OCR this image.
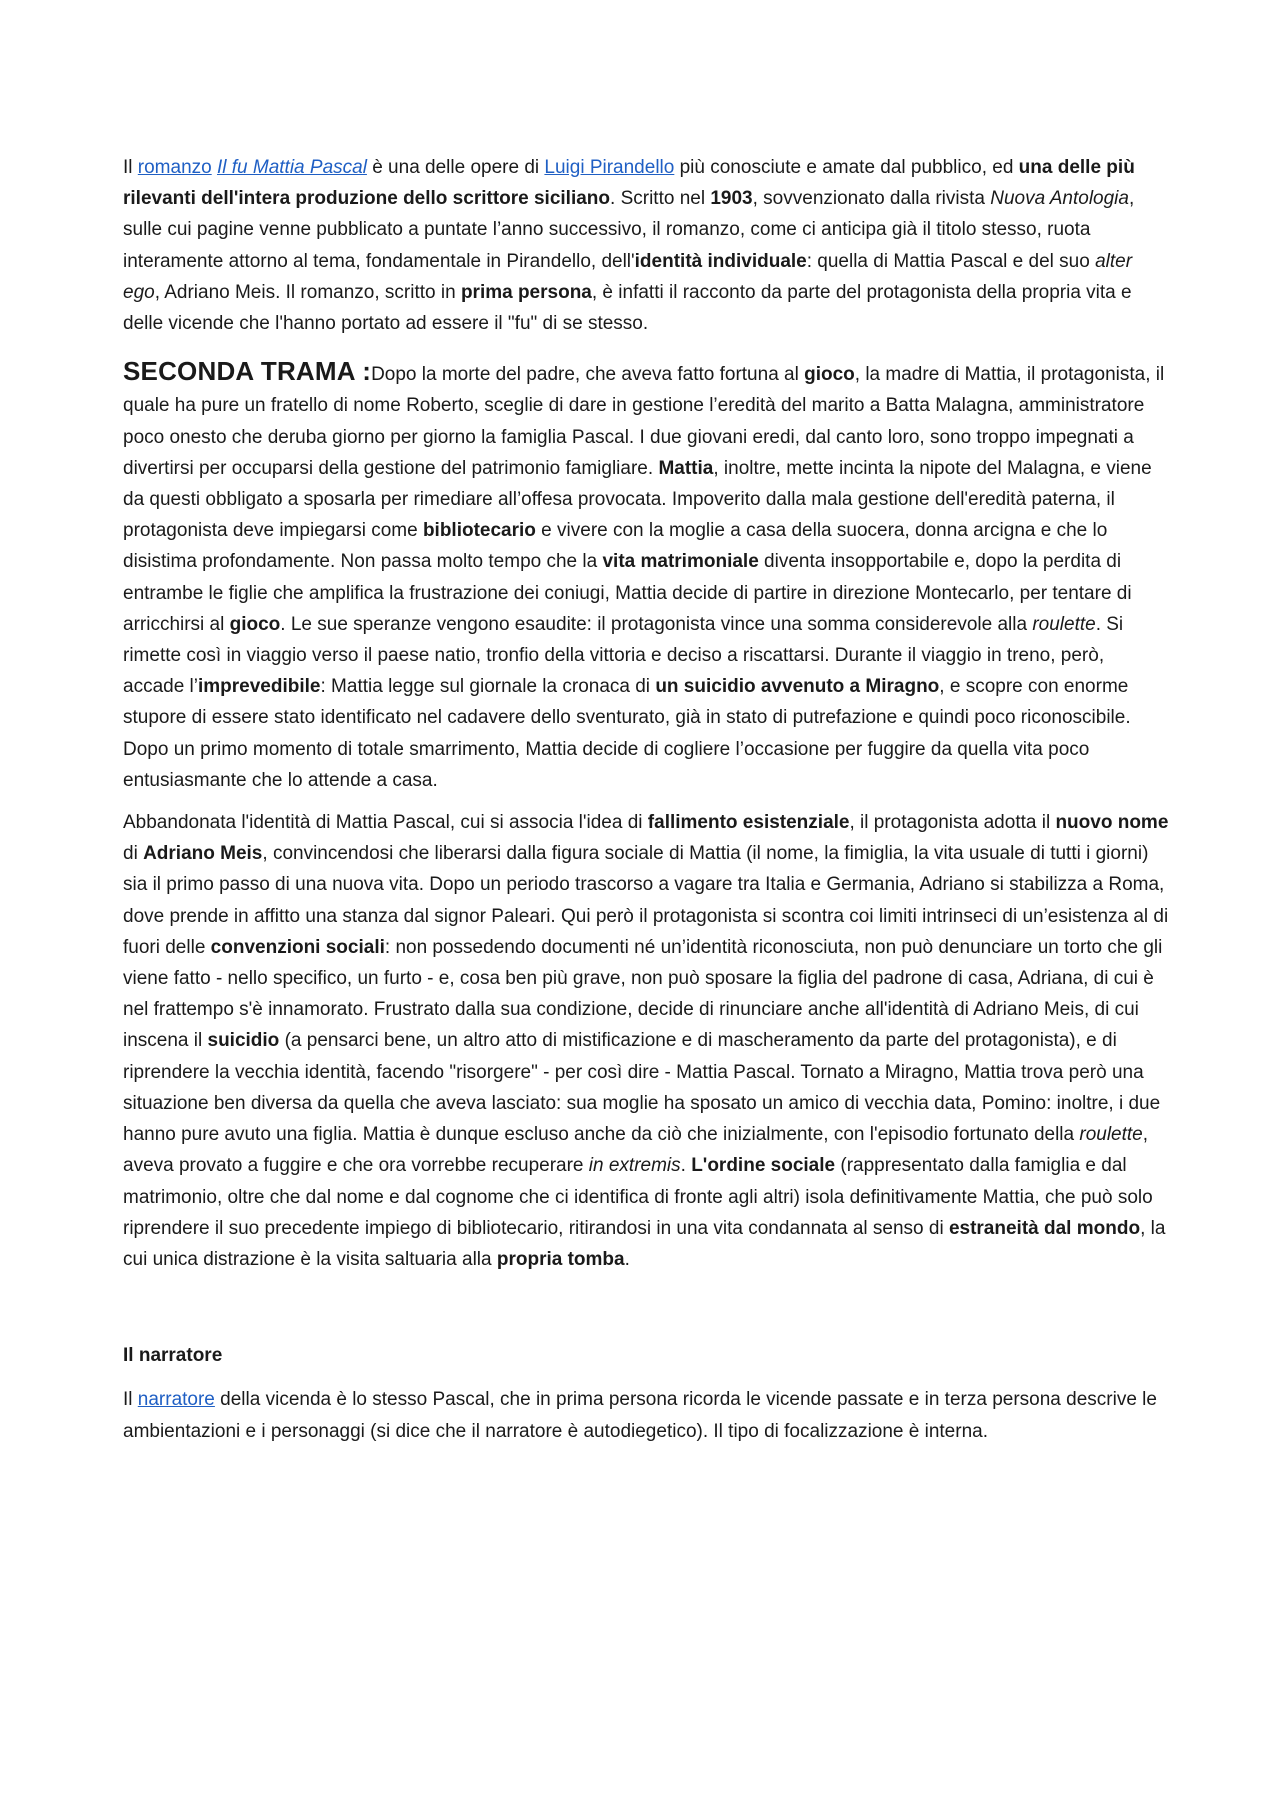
Il romanzo Il fu Mattia Pascal è una delle opere di Luigi Pirandello più conosciute e amate dal pubblico, ed una delle più rilevanti dell'intera produzione dello scrittore siciliano. Scritto nel 1903, sovvenzionato dalla rivista Nuova Antologia, sulle cui pagine venne pubblicato a puntate l’anno successivo, il romanzo, come ci anticipa già il titolo stesso, ruota interamente attorno al tema, fondamentale in Pirandello, dell'identità individuale: quella di Mattia Pascal e del suo alter ego, Adriano Meis. Il romanzo, scritto in prima persona, è infatti il racconto da parte del protagonista della propria vita e delle vicende che l'hanno portato ad essere il "fu" di se stesso.

SECONDA TRAMA :Dopo la morte del padre, che aveva fatto fortuna al gioco, la madre di Mattia, il protagonista, il quale ha pure un fratello di nome Roberto, sceglie di dare in gestione l’eredità del marito a Batta Malagna, amministratore poco onesto che deruba giorno per giorno la famiglia Pascal. I due giovani eredi, dal canto loro, sono troppo impegnati a divertirsi per occuparsi della gestione del patrimonio famigliare. Mattia, inoltre, mette incinta la nipote del Malagna, e viene da questi obbligato a sposarla per rimediare all’offesa provocata. Impoverito dalla mala gestione dell'eredità paterna, il protagonista deve impiegarsi come bibliotecario e vivere con la moglie a casa della suocera, donna arcigna e che lo disistima profondamente. Non passa molto tempo che la vita matrimoniale diventa insopportabile e, dopo la perdita di entrambe le figlie che amplifica la frustrazione dei coniugi, Mattia decide di partire in direzione Montecarlo, per tentare di arricchirsi al gioco. Le sue speranze vengono esaudite: il protagonista vince una somma considerevole alla roulette. Si rimette così in viaggio verso il paese natio, tronfio della vittoria e deciso a riscattarsi. Durante il viaggio in treno, però, accade l’imprevedibile: Mattia legge sul giornale la cronaca di un suicidio avvenuto a Miragno, e scopre con enorme stupore di essere stato identificato nel cadavere dello sventurato, già in stato di putrefazione e quindi poco riconoscibile. Dopo un primo momento di totale smarrimento, Mattia decide di cogliere l’occasione per fuggire da quella vita poco entusiasmante che lo attende a casa.

Abbandonata l'identità di Mattia Pascal, cui si associa l'idea di fallimento esistenziale, il protagonista adotta il nuovo nome di Adriano Meis, convincendosi che liberarsi dalla figura sociale di Mattia (il nome, la fimiglia, la vita usuale di tutti i giorni) sia il primo passo di una nuova vita. Dopo un periodo trascorso a vagare tra Italia e Germania, Adriano si stabilizza a Roma, dove prende in affitto una stanza dal signor Paleari. Qui però il protagonista si scontra coi limiti intrinseci di un’esistenza al di fuori delle convenzioni sociali: non possedendo documenti né un’identità riconosciuta, non può denunciare un torto che gli viene fatto - nello specifico, un furto - e, cosa ben più grave, non può sposare la figlia del padrone di casa, Adriana, di cui è nel frattempo s'è innamorato. Frustrato dalla sua condizione, decide di rinunciare anche all'identità di Adriano Meis, di cui inscena il suicidio (a pensarci bene, un altro atto di mistificazione e di mascheramento da parte del protagonista), e di riprendere la vecchia identità, facendo "risorgere" - per così dire - Mattia Pascal. Tornato a Miragno, Mattia trova però una situazione ben diversa da quella che aveva lasciato: sua moglie ha sposato un amico di vecchia data, Pomino: inoltre, i due hanno pure avuto una figlia. Mattia è dunque escluso anche da ciò che inizialmente, con l'episodio fortunato della roulette, aveva provato a fuggire e che ora vorrebbe recuperare in extremis. L'ordine sociale (rappresentato dalla famiglia e dal matrimonio, oltre che dal nome e dal cognome che ci identifica di fronte agli altri) isola definitivamente Mattia, che può solo riprendere il suo precedente impiego di bibliotecario, ritirandosi in una vita condannata al senso di estraneità dal mondo, la cui unica distrazione è la visita saltuaria alla propria tomba.

Il narratore

Il narratore della vicenda è lo stesso Pascal, che in prima persona ricorda le vicende passate e in terza persona descrive le ambientazioni e i personaggi (si dice che il narratore è autodiegetico). Il tipo di focalizzazione è interna.
